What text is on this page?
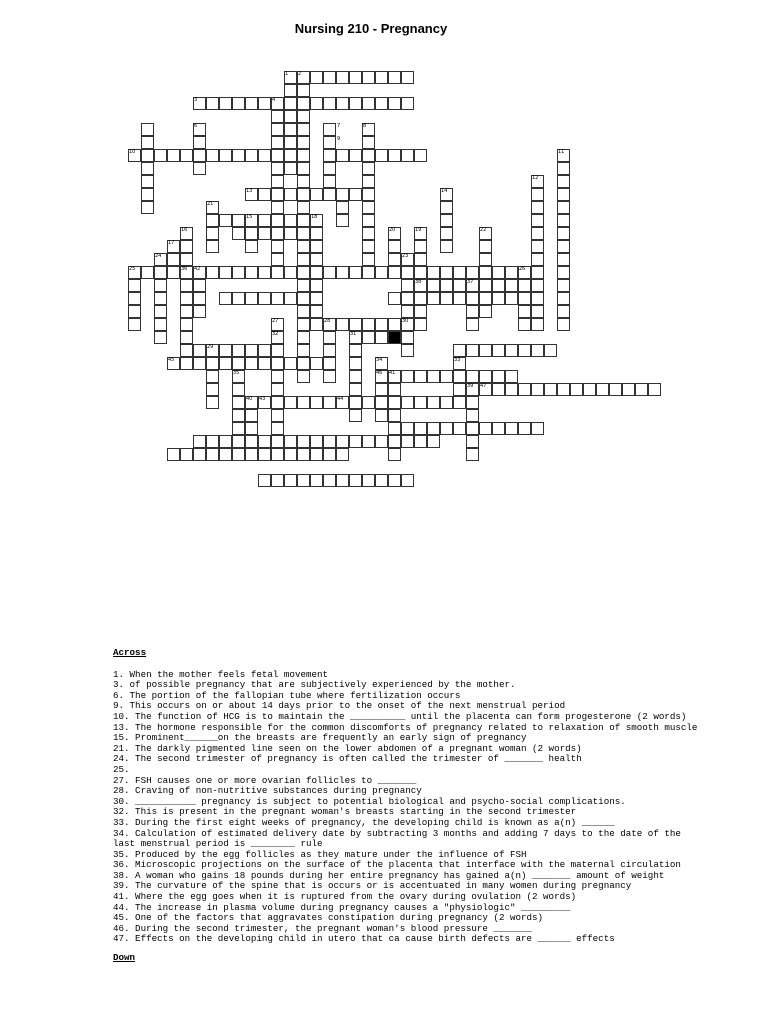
Nursing 210 - Pregnancy
1 2
3	4
6	7	8
9
10	11
12
13	14
15
16
17
18
19
20
21
22
23
24
25	26
27	28
29
30
31
32
33
34
35
36
37
38
39
40
41
42
43	44
45
46
47
Across
1. When the mother feels fetal movement
3. of possible pregnancy that are subjectively experienced by the mother.
6. The portion of the fallopian tube where fertilization occurs
9. This occurs on or about 14 days prior to the onset of the next menstrual period
10. The function of HCG is to maintain the __________ until the placenta can form progesterone (2 words)
13. The hormone responsible for the common discomforts of pregnancy related to relaxation of smooth muscle
15. Prominent______on the breasts are frequently an early sign of pregnancy
21. The darkly pigmented line seen on the lower abdomen of a pregnant woman (2 words)
24. The second trimester of pregnancy is often called the trimester of _______ health
25.
27. FSH causes one or more ovarian follicles to _______
28. Craving of non-nutritive substances during pregnancy
30. ___________ pregnancy is subject to potential biological and psycho-social complications.
32. This is present in the pregnant woman's breasts starting in the second trimester
33. During the first eight weeks of pregnancy, the developing child is known as a(n) ______
34. Calculation of estimated delivery date by subtracting 3 months and adding 7 days to the date of the last menstrual period is ________ rule
35. Produced by the egg follicles as they mature under the influence of FSH
36. Microscopic projections on the surface of the placenta that interface with the maternal circulation
38. A woman who gains 18 pounds during her entire pregnancy has gained a(n) _______ amount of weight
39. The curvature of the spine that is occurs or is accentuated in many women during pregnancy
41. Where the egg goes when it is ruptured from the ovary during ovulation (2 words)
44. The increase in plasma volume during pregnancy causes a "physiologic" _________
45. One of the factors that aggravates constipation during pregnancy (2 words)
46. During the second trimester, the pregnant woman's blood pressure _______
47. Effects on the developing child in utero that ca cause birth defects are ______ effects
Down
